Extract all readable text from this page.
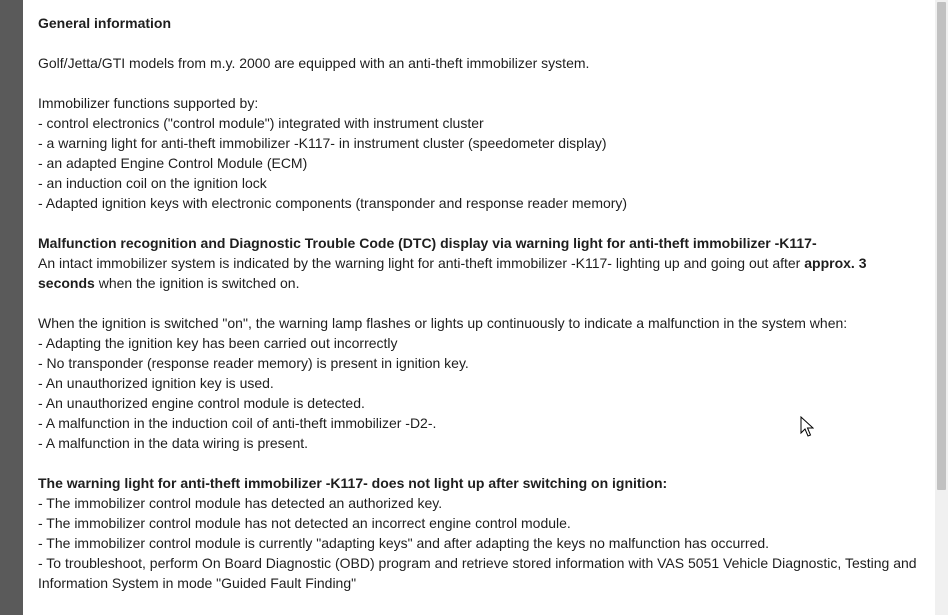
General information

Golf/Jetta/GTI models from m.y. 2000 are equipped with an anti-theft immobilizer system.

Immobilizer functions supported by:

- control electronics ("control module") integrated with instrument cluster

- a warning light for anti-theft immobilizer -K117- in instrument cluster (speedometer display)

- an adapted Engine Control Module (ECM)

- an induction coil on the ignition lock

- Adapted ignition keys with electronic components (transponder and response reader memory)

Malfunction recognition and Diagnostic Trouble Code (DTC) display via warning light for anti-theft immobilizer -K117-

An intact immobilizer system is indicated by the warning light for anti-theft immobilizer -K117- lighting up and going out after approx. 3 seconds when the ignition is switched on.

When the ignition is switched "on", the warning lamp flashes or lights up continuously to indicate a malfunction in the system when:

- Adapting the ignition key has been carried out incorrectly

- No transponder (response reader memory) is present in ignition key.

- An unauthorized ignition key is used.

- An unauthorized engine control module is detected.

- A malfunction in the induction coil of anti-theft immobilizer -D2-.

- A malfunction in the data wiring is present.

The warning light for anti-theft immobilizer -K117- does not light up after switching on ignition:

- The immobilizer control module has detected an authorized key.

- The immobilizer control module has not detected an incorrect engine control module.

- The immobilizer control module is currently "adapting keys" and after adapting the keys no malfunction has occurred.

- To troubleshoot, perform On Board Diagnostic (OBD) program and retrieve stored information with VAS 5051 Vehicle Diagnostic, Testing and Information System in mode "Guided Fault Finding"
